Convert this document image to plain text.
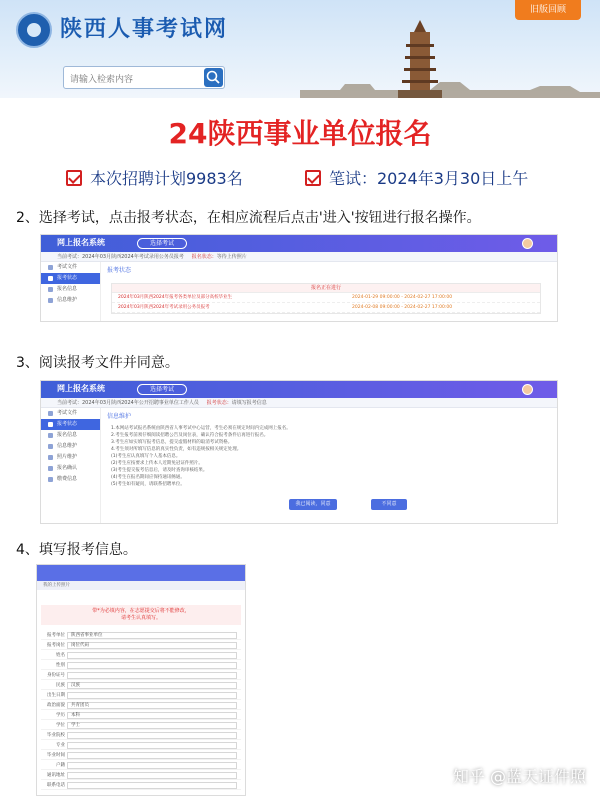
陕西人事考试网
请输入检索内容
旧版回顾
24陕西事业单位报名
本次招聘计划9983名	笔试：2024年3月30日上午
2、选择考试，点击报考状态，在相应流程后点击'进入'按钮进行报名操作。
网上报名系统	选择考试
当前考试：2024年03月陕西2024年考试录用公务员报考 报名状态：等待上传照片
考试文件
报考状态
报名信息
信息维护
报考状态
报名正在进行
2024年03月陕西2024年报考各类单位及部分高校毕业生	2024-01-29 09:00:00 - 2024-02-27 17:00:00
2024年03月陕西2024年考试录用公务员报考	2024-02-08 09:00:00 - 2024-02-27 17:00:00
3、阅读报考文件并同意。
网上报名系统	选择考试
当前考试：2024年03月陕西2024年公开招聘事业单位工作人员 报考状态：请填写报考信息
考试文件
报考状态
报名信息
信息维护
照片维护
报名确认
缴费信息
信息维护

1.本网站考试报名系统由陕西省人事考试中心运营，考生必须在规定时间内完成网上报名。

2.考生报考前须仔细阅读招聘公告及岗位表，确认符合报考条件后再进行报名。

3.考生应如实填写报考信息，提交虚假材料的取消考试资格。

4.考生须对所填写信息的真实性负责，如有违规按相关规定处理。

(1)考生应认真填写个人基本信息。

(2)考生应按要求上传本人近期免冠证件照片。

(3)考生提交报考信息后，请及时查询审核结果。

(4)考生在报名期间应保持通讯畅通。

(5)考生如有疑问，请联系招聘单位。

我已阅读，同意	不同意
4、填写报考信息。
我的上传照片
带*为必填内容，在志愿提交后将不能修改，
请考生认真填写。
报考单位	陕西省事业单位
报考岗位	岗位代码
姓名
性别
身份证号
民族	汉族
出生日期
政治面貌	共青团员
学历	本科
学位	学士
毕业院校
专业
毕业时间
户籍
通讯地址
联系电话	知乎 @蓝天证件照
